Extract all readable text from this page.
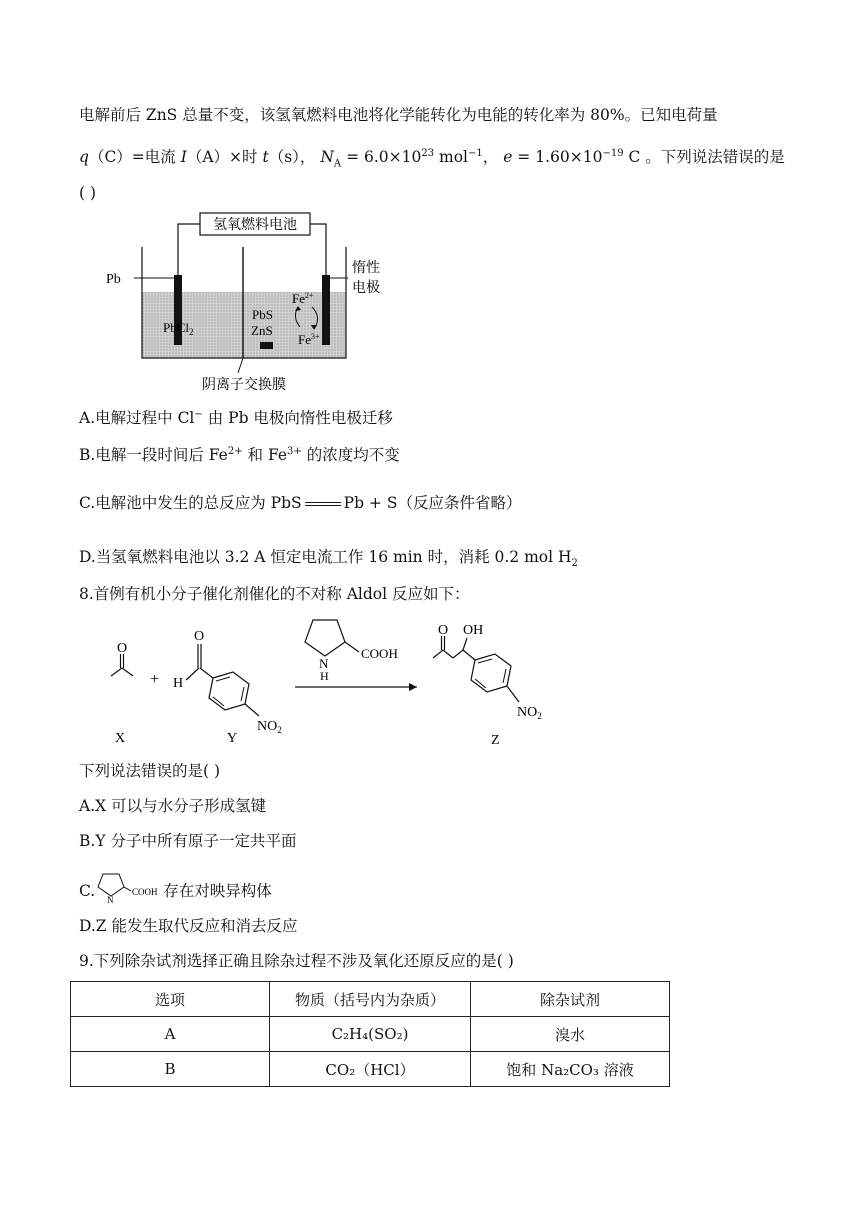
电解前后 ZnS 总量不变，该氢氧燃料电池将化学能转化为电能的转化率为 80%。已知电荷量
q（C）=电流 I（A）×时 t（s）， $N_A = 6.0\times 10^{23}$ mol$^{-1}$， $e = 1.60\times 10^{-19}$ C 。下列说法错误的是
( )
氢氧燃料电池
Pb
惰性
电极
PbCl$_2$
PbS
ZnS
$Fe^{2+}$
$Fe^{3+}$
阴离子交换膜
A.电解过程中 Cl− 由 Pb 电极向惰性电极迁移
B.电解一段时间后 $Fe^{2+}$ 和 $Fe^{3+}$ 的浓度均不变
C.电解池中发生的总反应为 PbS	Pb + S（反应条件省略）
D.当氢氧燃料电池以 3.2 A 恒定电流工作 16 min 时，消耗 0.2 mol $H_2$
8.首例有机小分子催化剂催化的不对称 Aldol 反应如下：
O
X
+ H
O
$NO_2$
Y
N
H
COOH
O OH
$NO_2$
Z
下列说法错误的是( )
A.X 可以与水分子形成氢键
B.Y 分子中所有原子一定共平面
C. N
COOH 存在对映异构体
D.Z 能发生取代反应和消去反应
9.下列除杂试剂选择正确且除杂过程不涉及氧化还原反应的是( )
选项	物质（括号内为杂质）	除杂试剂
A	C₂H₄(SO₂)	溴水
B	CO₂（HCl）	饱和 Na₂CO₃ 溶液
